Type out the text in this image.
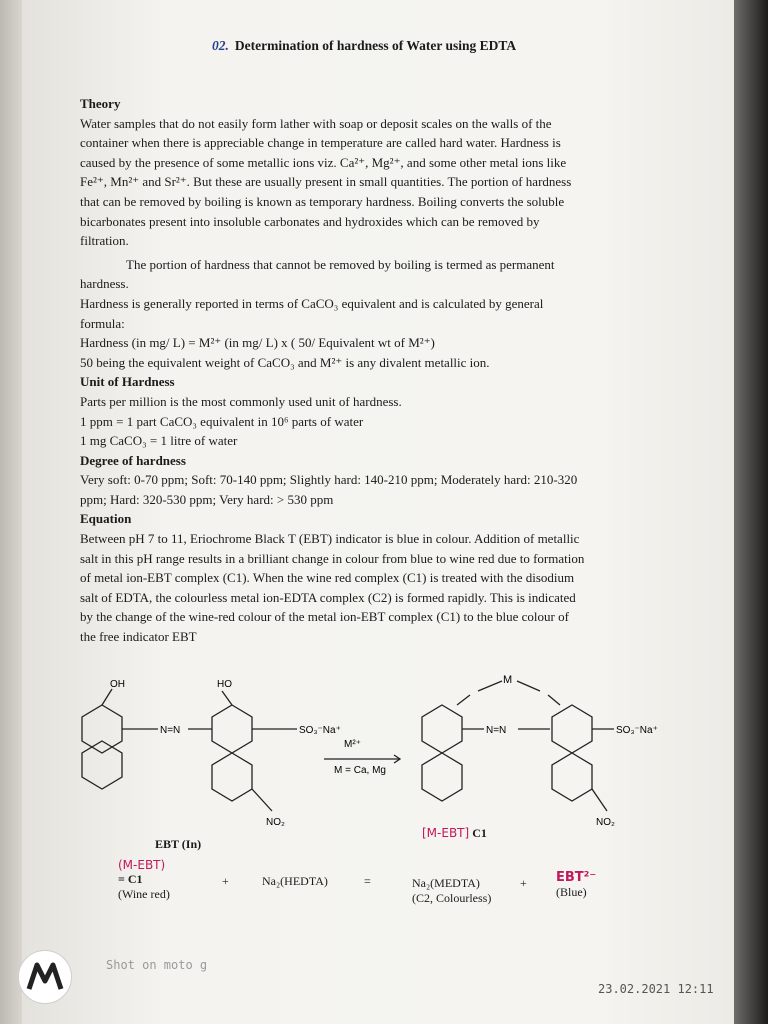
02. Determination of hardness of Water using EDTA
Theory
Water samples that do not easily form lather with soap or deposit scales on the walls of the
container when there is appreciable change in temperature are called hard water. Hardness is
caused by the presence of some metallic ions viz. Ca²⁺, Mg²⁺, and some other metal ions like
Fe²⁺, Mn²⁺ and Sr²⁺. But these are usually present in small quantities. The portion of hardness
that can be removed by boiling is known as temporary hardness. Boiling converts the soluble
bicarbonates present into insoluble carbonates and hydroxides which can be removed by
filtration.
The portion of hardness that cannot be removed by boiling is termed as permanent
hardness.
Hardness is generally reported in terms of CaCO₃ equivalent and is calculated by general
formula:
Hardness (in mg/ L) = M²⁺ (in mg/ L) x ( 50/ Equivalent wt of M²⁺)
50 being the equivalent weight of CaCO₃ and M²⁺ is any divalent metallic ion.
Unit of Hardness
Parts per million is the most commonly used unit of hardness.
1 ppm = 1 part CaCO₃ equivalent in 10⁶ parts of water
1 mg CaCO₃ = 1 litre of water
Degree of hardness
Very soft: 0-70 ppm; Soft: 70-140 ppm; Slightly hard: 140-210 ppm; Moderately hard: 210-320
ppm; Hard: 320-530 ppm; Very hard: > 530 ppm
Equation
Between pH 7 to 11, Eriochrome Black T (EBT) indicator is blue in colour. Addition of metallic
salt in this pH range results in a brilliant change in colour from blue to wine red due to formation
of metal ion-EBT complex (C1). When the wine red complex (C1) is treated with the disodium
salt of EDTA, the colourless metal ion-EDTA complex (C2) is formed rapidly. This is indicated
by the change of the wine-red colour of the metal ion-EBT complex (C1) to the blue colour of
the free indicator EBT
OH	HO
N=N	SO₃⁻Na⁺
NO₂
M²⁺
M = Ca, Mg
N=N	SO₃⁻Na⁺
NO₂
M
EBT (In)
[M-EBT] C1
(M-EBT)
= C1
(Wine red)
+	Na₂(HEDTA)	=	Na₂(MEDTA)
(C2, Colourless)
+ EBT²⁻
(Blue)
Shot on moto g
23.02.2021 12:11
